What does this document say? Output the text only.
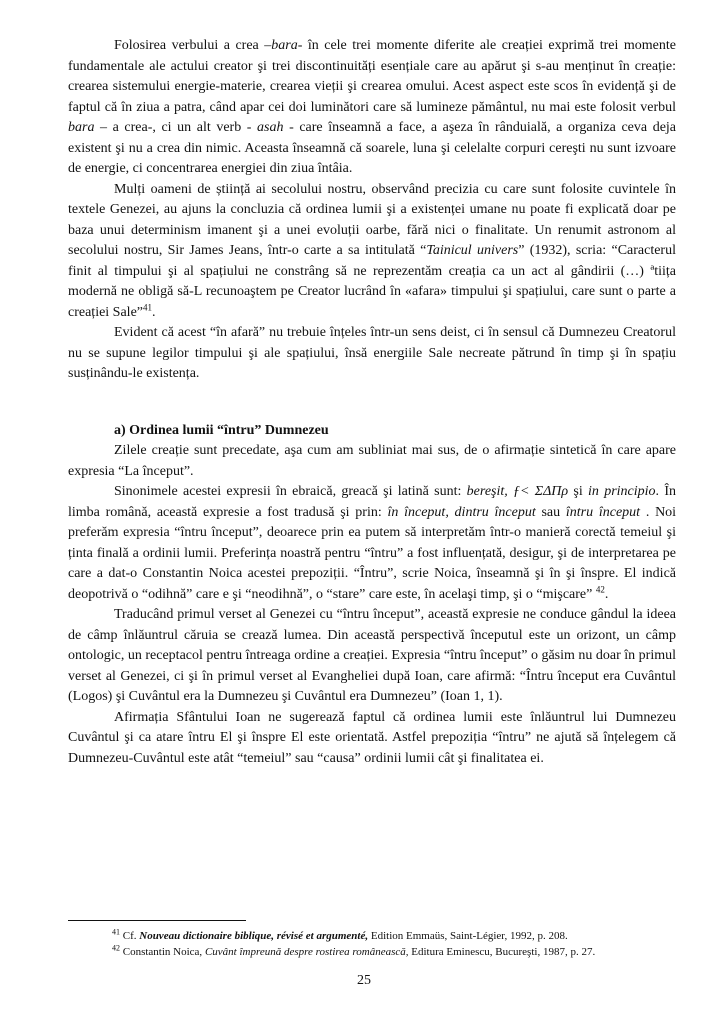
Folosirea verbului a crea –bara- în cele trei momente diferite ale creației exprimă trei momente fundamentale ale actului creator şi trei discontinuități esențiale care au apărut şi s-au menținut în creație: crearea sistemului energie-materie, crearea vieții şi crearea omului. Acest aspect este scos în evidență şi de faptul că în ziua a patra, când apar cei doi luminători care să lumineze pământul, nu mai este folosit verbul bara – a crea-, ci un alt verb - asah - care înseamnă a face, a aşeza în rânduială, a organiza ceva deja existent şi nu a crea din nimic. Aceasta înseamnă că soarele, luna şi celelalte corpuri cereşti nu sunt izvoare de energie, ci concentrarea energiei din ziua întâia.

Mulți oameni de știință ai secolului nostru, observând precizia cu care sunt folosite cuvintele în textele Genezei, au ajuns la concluzia că ordinea lumii şi a existenței umane nu poate fi explicată doar pe baza unui determinism imanent şi a unei evoluții oarbe, fără nici o finalitate. Un renumit astronom al secolului nostru, Sir James Jeans, într-o carte a sa intitulată “Tainicul univers” (1932), scria: “Caracterul finit al timpului şi al spațiului ne constrâng să ne reprezentăm creația ca un act al gândirii (…) ªtiița modernă ne obligă să-L recunoaştem pe Creator lucrând în «afara» timpului şi spațiului, care sunt o parte a creației Sale”$^{41}$.

Evident că acest “în afară” nu trebuie înțeles într-un sens deist, ci în sensul că Dumnezeu Creatorul nu se supune legilor timpului şi ale spațiului, însă energiile Sale necreate pătrund în timp şi în spațiu susținându-le existența.

a) Ordinea lumii “întru” Dumnezeu

Zilele creație sunt precedate, aşa cum am subliniat mai sus, de o afirmație sintetică în care apare expresia “La început”.

Sinonimele acestei expresii în ebraică, greacă şi latină sunt: bereşit, ƒ< ΣΔΠρ şi in principio. În limba română, această expresie a fost tradusă şi prin: în început, dintru început sau întru început . Noi preferăm expresia “întru început”, deoarece prin ea putem să interpretăm într-o manieră corectă temeiul şi ținta finală a ordinii lumii. Preferința noastră pentru “întru” a fost influențată, desigur, şi de interpretarea pe care a dat-o Constantin Noica acestei prepoziții. “Întru”, scrie Noica, înseamnă şi în şi înspre. El indică deopotrivă o “odihnă” care e şi “neodihnă”, o “stare” care este, în acelaşi timp, şi o “mişcare” $^{42}$.

Traducând primul verset al Genezei cu “întru început”, această expresie ne conduce gândul la ideea de câmp înlăuntrul căruia se crează lumea. Din această perspectivă începutul este un orizont, un câmp ontologic, un receptacol pentru întreaga ordine a creației. Expresia “întru început” o găsim nu doar în primul verset al Genezei, ci şi în primul verset al Evangheliei după Ioan, care afirmă: “Întru început era Cuvântul (Logos) şi Cuvântul era la Dumnezeu şi Cuvântul era Dumnezeu” (Ioan 1, 1).

Afirmația Sfântului Ioan ne sugerează faptul că ordinea lumii este înlăuntrul lui Dumnezeu Cuvântul şi ca atare întru El şi înspre El este orientată. Astfel prepoziția “întru” ne ajută să înțelegem că Dumnezeu-Cuvântul este atât “temeiul” sau “causa” ordinii lumii cât şi finalitatea ei.

$^{41}$ Cf. Nouveau dictionaire biblique, révisé et argumenté, Edition Emmaüs, Saint-Légier, 1992, p. 208.
$^{42}$ Constantin Noica, Cuvânt împreună despre rostirea românească, Editura Eminescu, Bucureşti, 1987, p. 27.
25
